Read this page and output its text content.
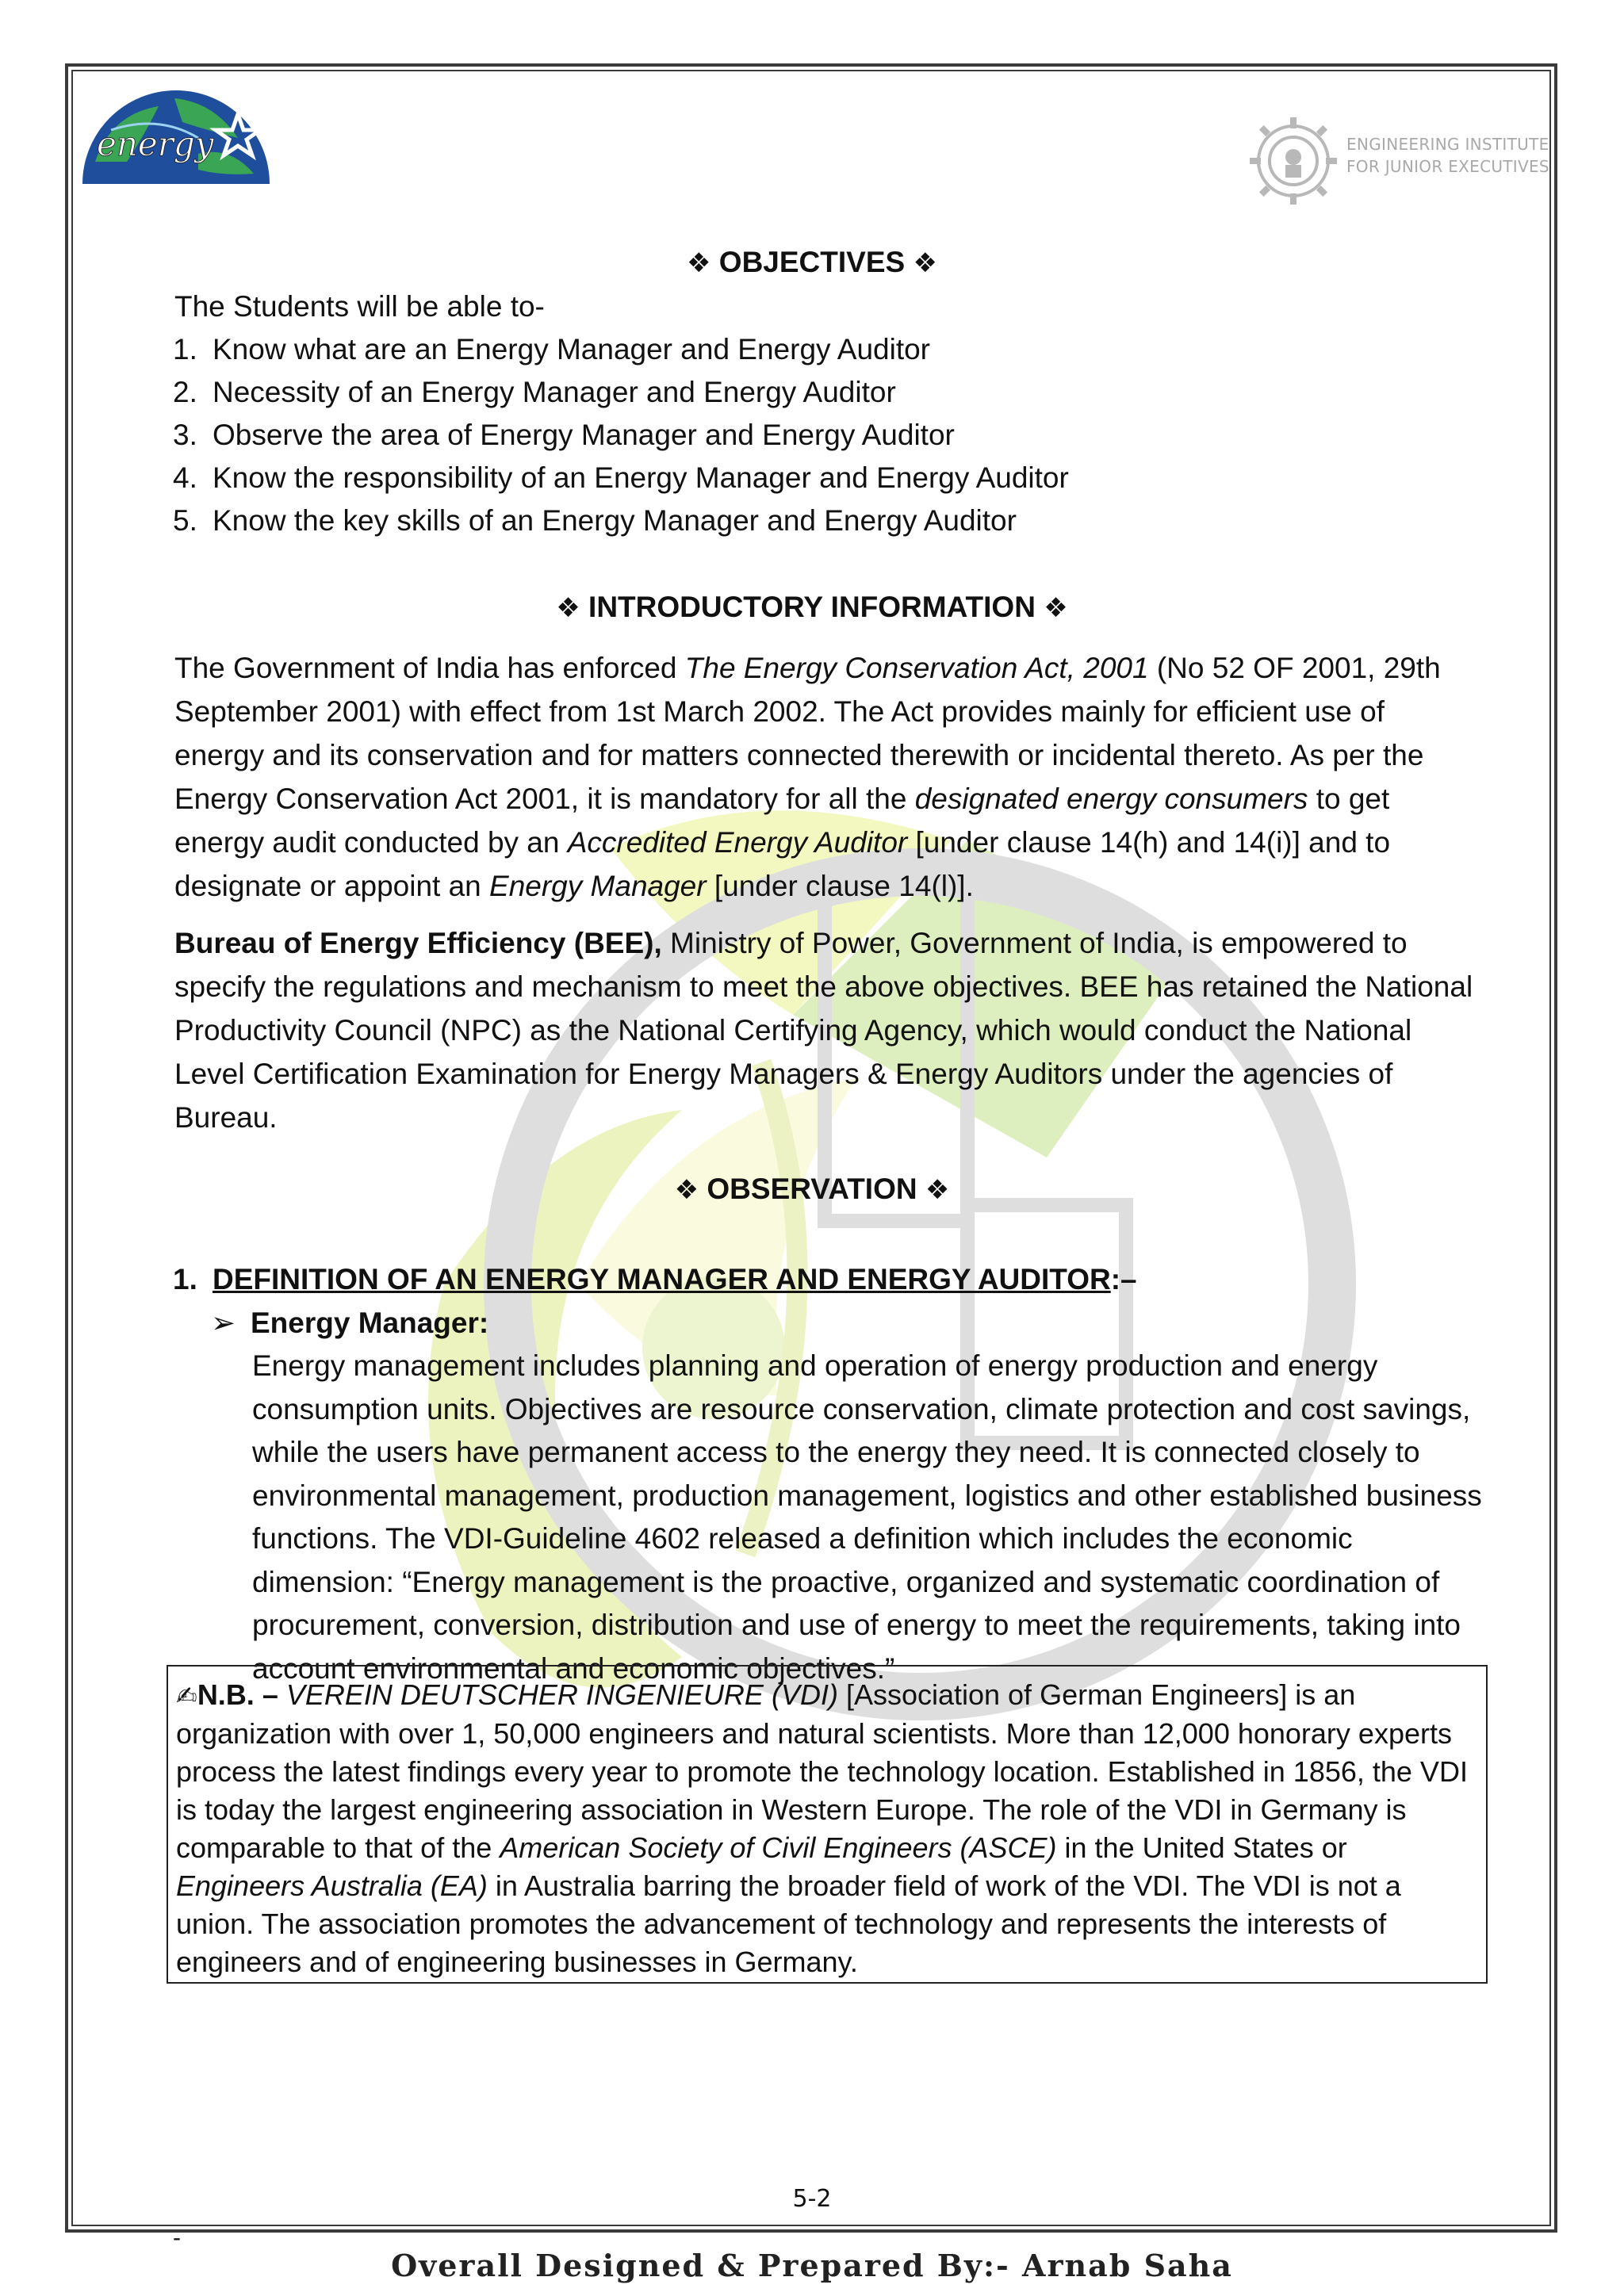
energy	ENGINEERING INSTITUTE
FOR JUNIOR EXECUTIVES
❖ OBJECTIVES ❖
The Students will be able to-
1. Know what are an Energy Manager and Energy Auditor
2. Necessity of an Energy Manager and Energy Auditor
3. Observe the area of Energy Manager and Energy Auditor
4. Know the responsibility of an Energy Manager and Energy Auditor
5. Know the key skills of an Energy Manager and Energy Auditor
❖ INTRODUCTORY INFORMATION ❖

The Government of India has enforced The Energy Conservation Act, 2001 (No 52 OF 2001, 29th September 2001) with effect from 1st March 2002. The Act provides mainly for efficient use of energy and its conservation and for matters connected therewith or incidental thereto. As per the Energy Conservation Act 2001, it is mandatory for all the designated energy consumers to get energy audit conducted by an Accredited Energy Auditor [under clause 14(h) and 14(i)] and to designate or appoint an Energy Manager [under clause 14(l)].

Bureau of Energy Efficiency (BEE), Ministry of Power, Government of India, is empowered to specify the regulations and mechanism to meet the above objectives. BEE has retained the National Productivity Council (NPC) as the National Certifying Agency, which would conduct the National Level Certification Examination for Energy Managers & Energy Auditors under the agencies of Bureau.

❖ OBSERVATION ❖
1. DEFINITION OF AN ENERGY MANAGER AND ENERGY AUDITOR:–
➢ Energy Manager:
Energy management includes planning and operation of energy production and energy consumption units. Objectives are resource conservation, climate protection and cost savings, while the users have permanent access to the energy they need. It is connected closely to environmental management, production management, logistics and other established business functions. The VDI-Guideline 4602 released a definition which includes the economic dimension: “Energy management is the proactive, organized and systematic coordination of procurement, conversion, distribution and use of energy to meet the requirements, taking into account environmental and economic objectives.”

✍N.B. – VEREIN DEUTSCHER INGENIEURE (VDI) [Association of German Engineers] is an organization with over 1, 50,000 engineers and natural scientists. More than 12,000 honorary experts process the latest findings every year to promote the technology location. Established in 1856, the VDI is today the largest engineering association in Western Europe. The role of the VDI in Germany is comparable to that of the American Society of Civil Engineers (ASCE) in the United States or Engineers Australia (EA) in Australia barring the broader field of work of the VDI. The VDI is not a union. The association promotes the advancement of technology and represents the interests of engineers and of engineering businesses in Germany.

5-2
-
Overall Designed & Prepared By:- Arnab Saha
